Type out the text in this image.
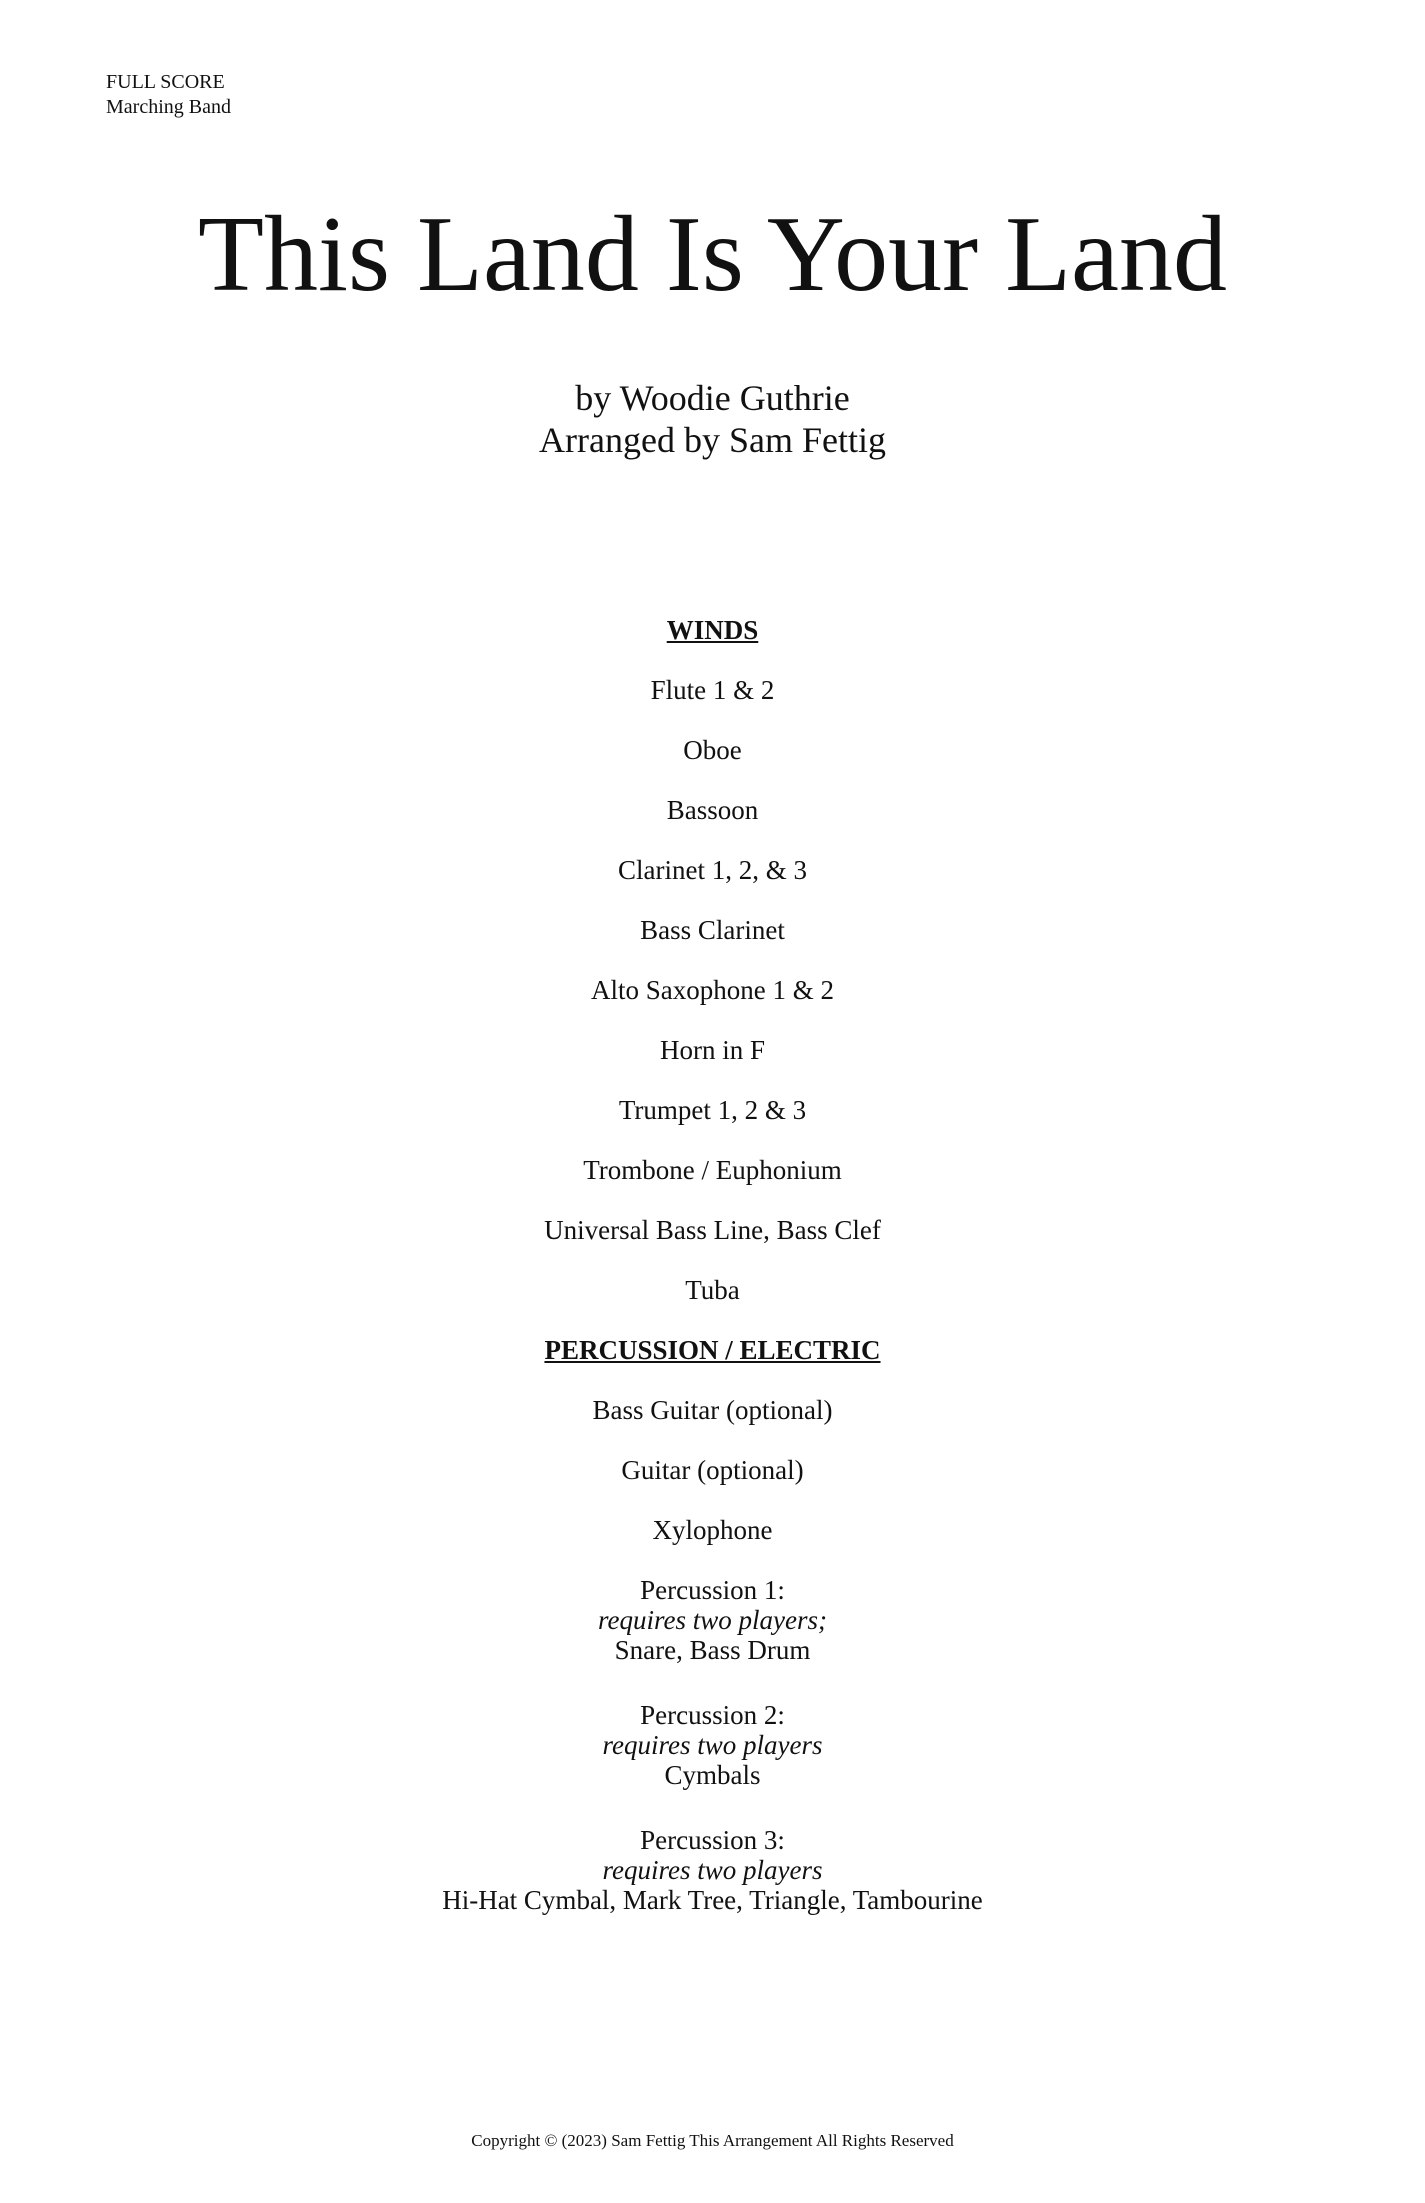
FULL SCORE
Marching Band
This Land Is Your Land
by Woodie Guthrie
Arranged by Sam Fettig
WINDS
Flute 1 & 2
Oboe
Bassoon
Clarinet 1, 2, & 3
Bass Clarinet
Alto Saxophone 1 & 2
Horn in F
Trumpet 1, 2 & 3
Trombone / Euphonium
Universal Bass Line, Bass Clef
Tuba
PERCUSSION / ELECTRIC
Bass Guitar (optional)
Guitar (optional)
Xylophone
Percussion 1:
requires two players;
Snare, Bass Drum
Percussion 2:
requires two players
Cymbals
Percussion 3:
requires two players
Hi-Hat Cymbal, Mark Tree, Triangle, Tambourine
Copyright © (2023) Sam Fettig This Arrangement All Rights Reserved
